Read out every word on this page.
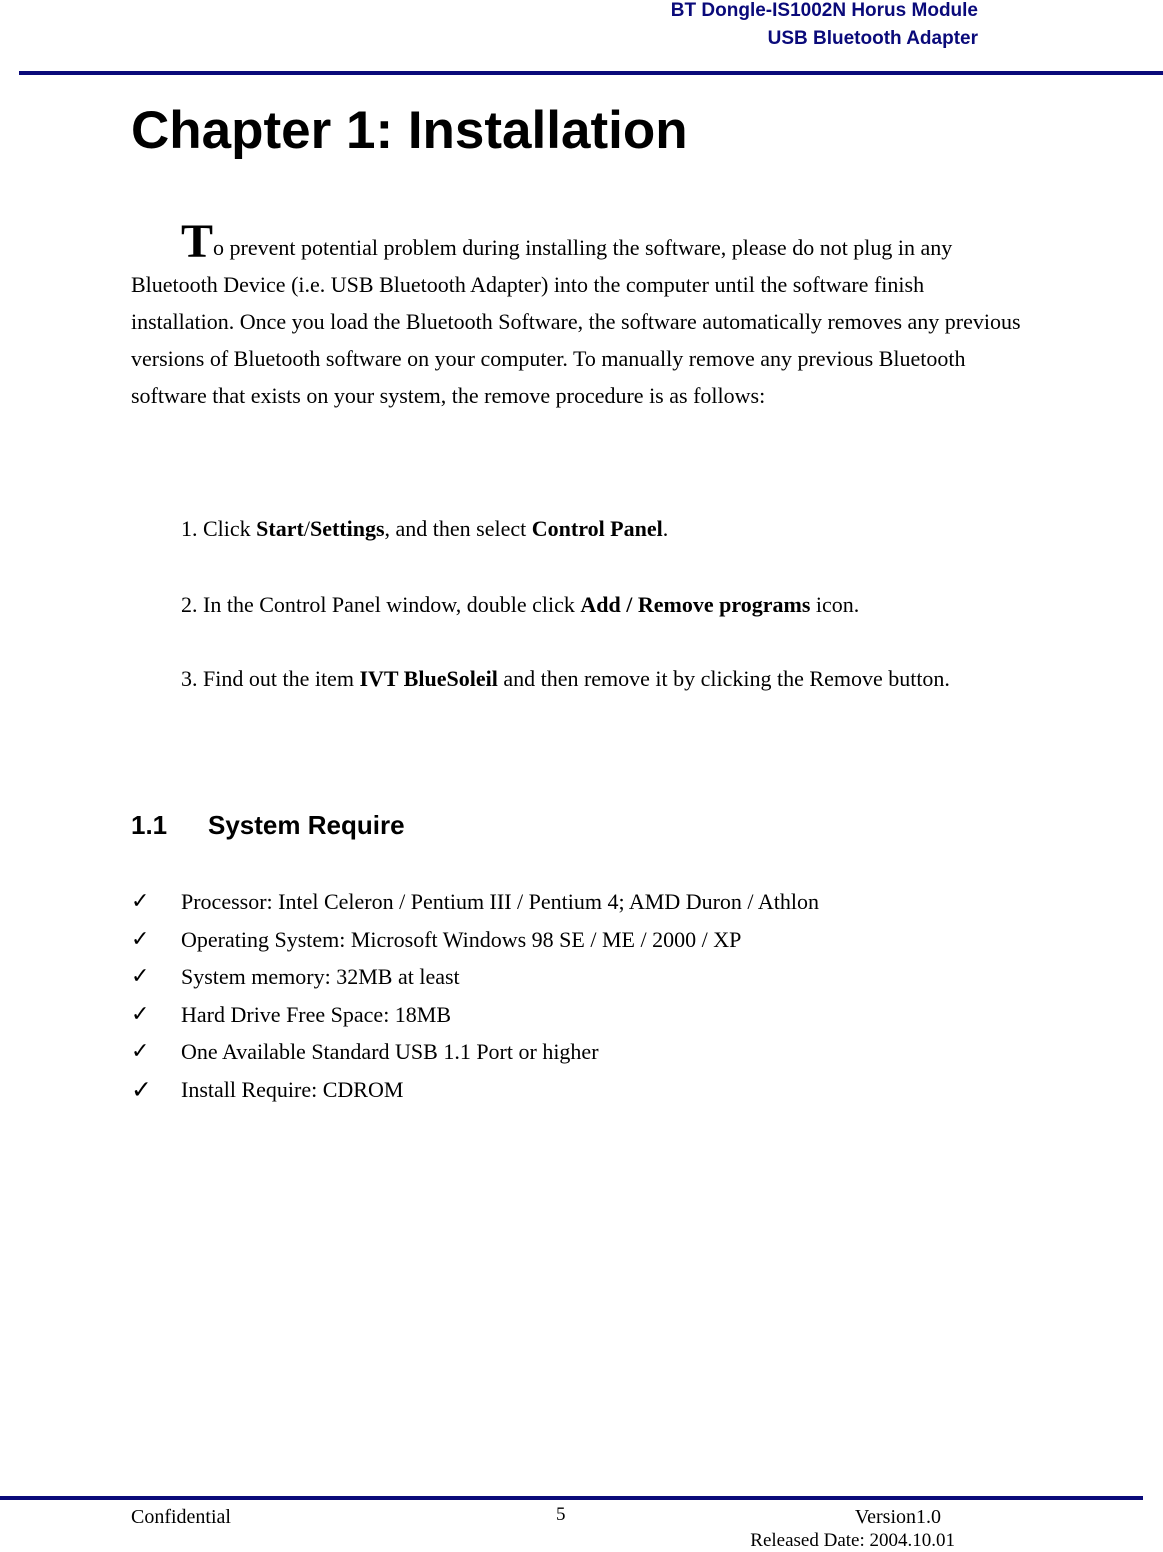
BT Dongle-IS1002N Horus Module
USB Bluetooth Adapter
Chapter 1: Installation

To prevent potential problem during installing the software, please do not plug in any Bluetooth Device (i.e. USB Bluetooth Adapter) into the computer until the software finish installation. Once you load the Bluetooth Software, the software automatically removes any previous versions of Bluetooth software on your computer. To manually remove any previous Bluetooth software that exists on your system, the remove procedure is as follows:

1. Click Start/Settings, and then select Control Panel.

2. In the Control Panel window, double click Add / Remove programs icon.

3. Find out the item IVT BlueSoleil and then remove it by clicking the Remove button.

1.1 System Require
✓ Processor: Intel Celeron / Pentium III / Pentium 4; AMD Duron / Athlon
✓ Operating System: Microsoft Windows 98 SE / ME / 2000 / XP
✓ System memory: 32MB at least
✓ Hard Drive Free Space: 18MB
✓ One Available Standard USB 1.1 Port or higher
✓ Install Require: CDROM
Confidential	5	Version1.0
Released Date: 2004.10.01
